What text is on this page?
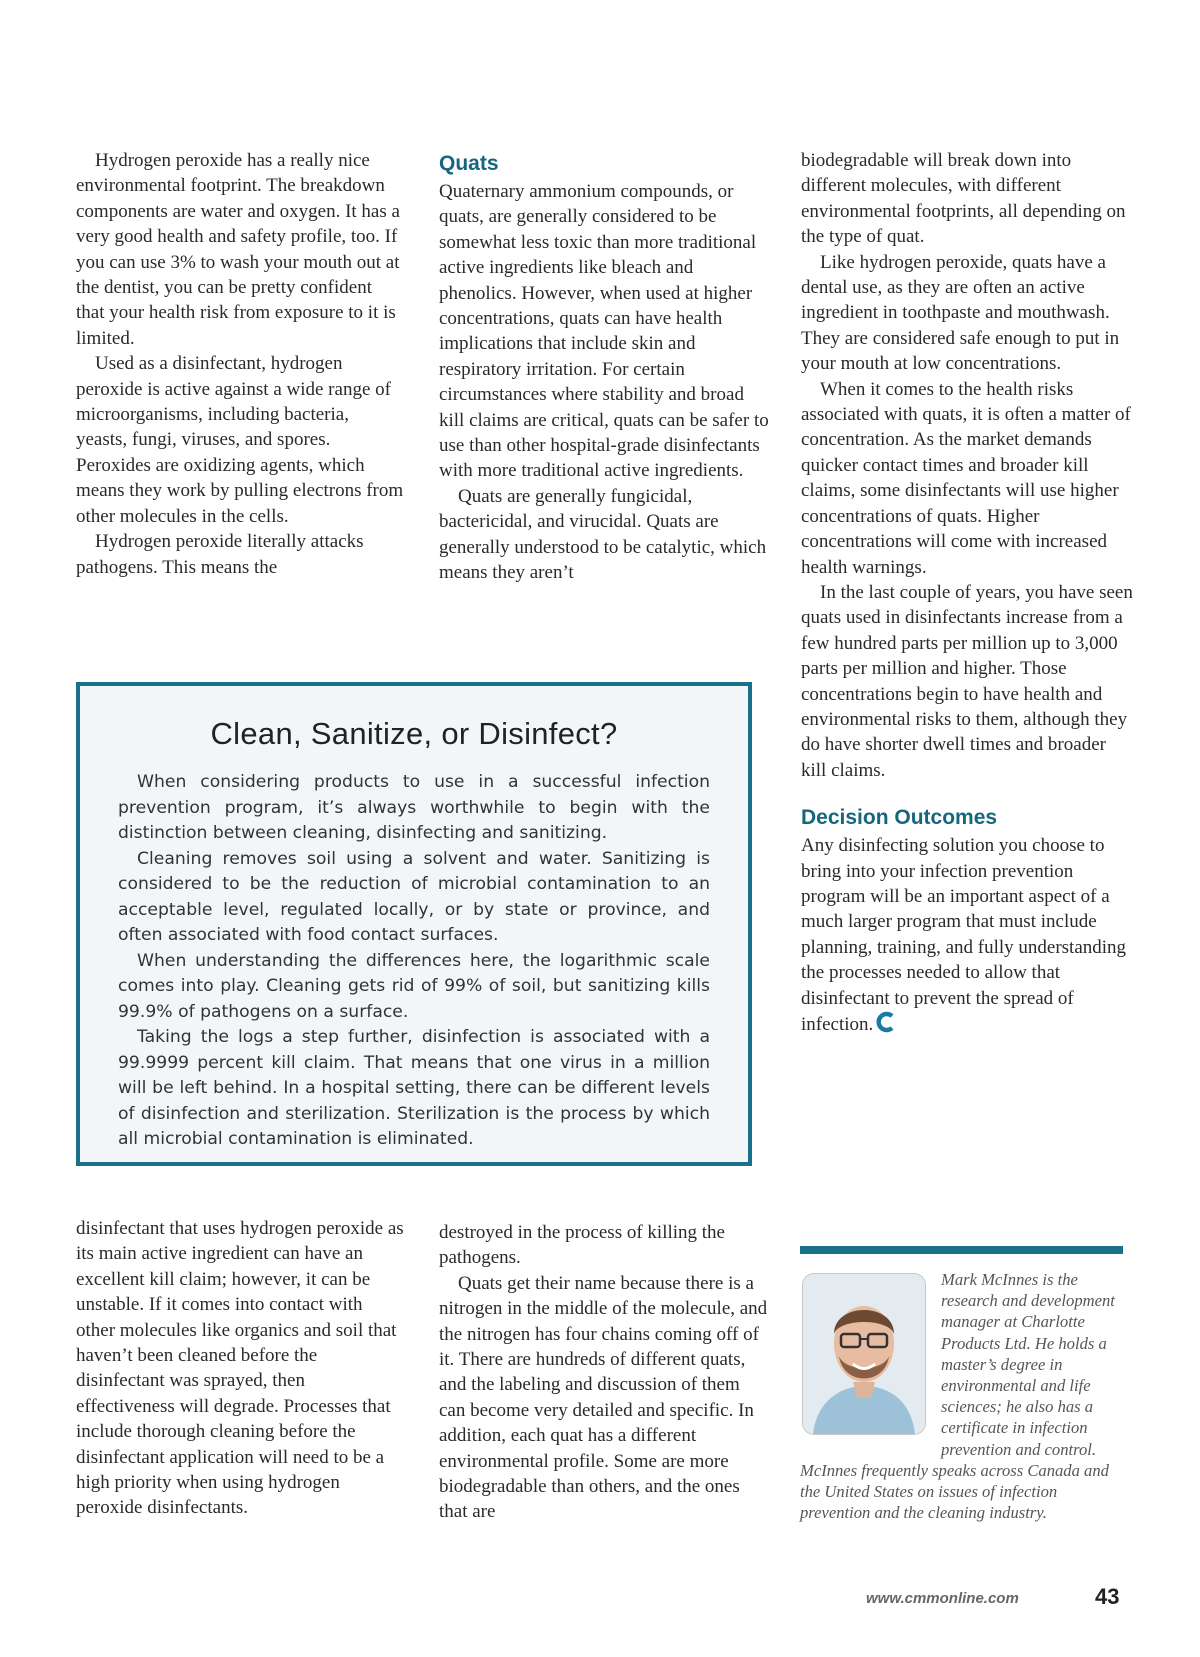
Hydrogen peroxide has a really nice environmental footprint. The breakdown components are water and oxygen. It has a very good health and safety profile, too. If you can use 3% to wash your mouth out at the dentist, you can be pretty confident that your health risk from exposure to it is limited.

Used as a disinfectant, hydrogen peroxide is active against a wide range of microorganisms, including bacteria, yeasts, fungi, viruses, and spores. Peroxides are oxidizing agents, which means they work by pulling electrons from other molecules in the cells.

Hydrogen peroxide literally attacks pathogens. This means the

Quats

Quaternary ammonium compounds, or quats, are generally considered to be somewhat less toxic than more traditional active ingredients like bleach and phenolics. However, when used at higher concentrations, quats can have health implications that include skin and respiratory irritation. For certain circumstances where stability and broad kill claims are critical, quats can be safer to use than other hospital-grade disinfectants with more traditional active ingredients.

Quats are generally fungicidal, bactericidal, and virucidal. Quats are generally understood to be catalytic, which means they aren’t

biodegradable will break down into different molecules, with different environmental footprints, all depending on the type of quat.

Like hydrogen peroxide, quats have a dental use, as they are often an active ingredient in toothpaste and mouthwash. They are considered safe enough to put in your mouth at low concentrations.

When it comes to the health risks associated with quats, it is often a matter of concentration. As the market demands quicker contact times and broader kill claims, some disinfectants will use higher concentrations of quats. Higher concentrations will come with increased health warnings.

In the last couple of years, you have seen quats used in disinfectants increase from a few hundred parts per million up to 3,000 parts per million and higher. Those concentrations begin to have health and environmental risks to them, although they do have shorter dwell times and broader kill claims.

Decision Outcomes

Any disinfecting solution you choose to bring into your infection prevention program will be an important aspect of a much larger program that must include planning, training, and fully understanding the processes needed to allow that disinfectant to prevent the spread of infection.

Clean, Sanitize, or Disinfect?

When considering products to use in a successful infection prevention program, it’s always worthwhile to begin with the distinction between cleaning, disinfecting and sanitizing.

Cleaning removes soil using a solvent and water. Sanitizing is considered to be the reduction of microbial contamination to an acceptable level, regulated locally, or by state or province, and often associated with food contact surfaces.

When understanding the differences here, the logarithmic scale comes into play. Cleaning gets rid of 99% of soil, but sanitizing kills 99.9% of pathogens on a surface.

Taking the logs a step further, disinfection is associated with a 99.9999 percent kill claim. That means that one virus in a million will be left behind. In a hospital setting, there can be different levels of disinfection and sterilization. Sterilization is the process by which all microbial contamination is eliminated.

disinfectant that uses hydrogen peroxide as its main active ingredient can have an excellent kill claim; however, it can be unstable. If it comes into contact with other molecules like organics and soil that haven’t been cleaned before the disinfectant was sprayed, then effectiveness will degrade. Processes that include thorough cleaning before the disinfectant application will need to be a high priority when using hydrogen peroxide disinfectants.

destroyed in the process of killing the pathogens.

Quats get their name because there is a nitrogen in the middle of the molecule, and the nitrogen has four chains coming off of it. There are hundreds of different quats, and the labeling and discussion of them can become very detailed and specific. In addition, each quat has a different environmental profile. Some are more biodegradable than others, and the ones that are

Mark McInnes is the research and development manager at Charlotte Products Ltd. He holds a master’s degree in environmental and life sciences; he also has a certificate in infection prevention and control. McInnes frequently speaks across Canada and the United States on issues of infection prevention and the cleaning industry.
www.cmmonline.com	43
